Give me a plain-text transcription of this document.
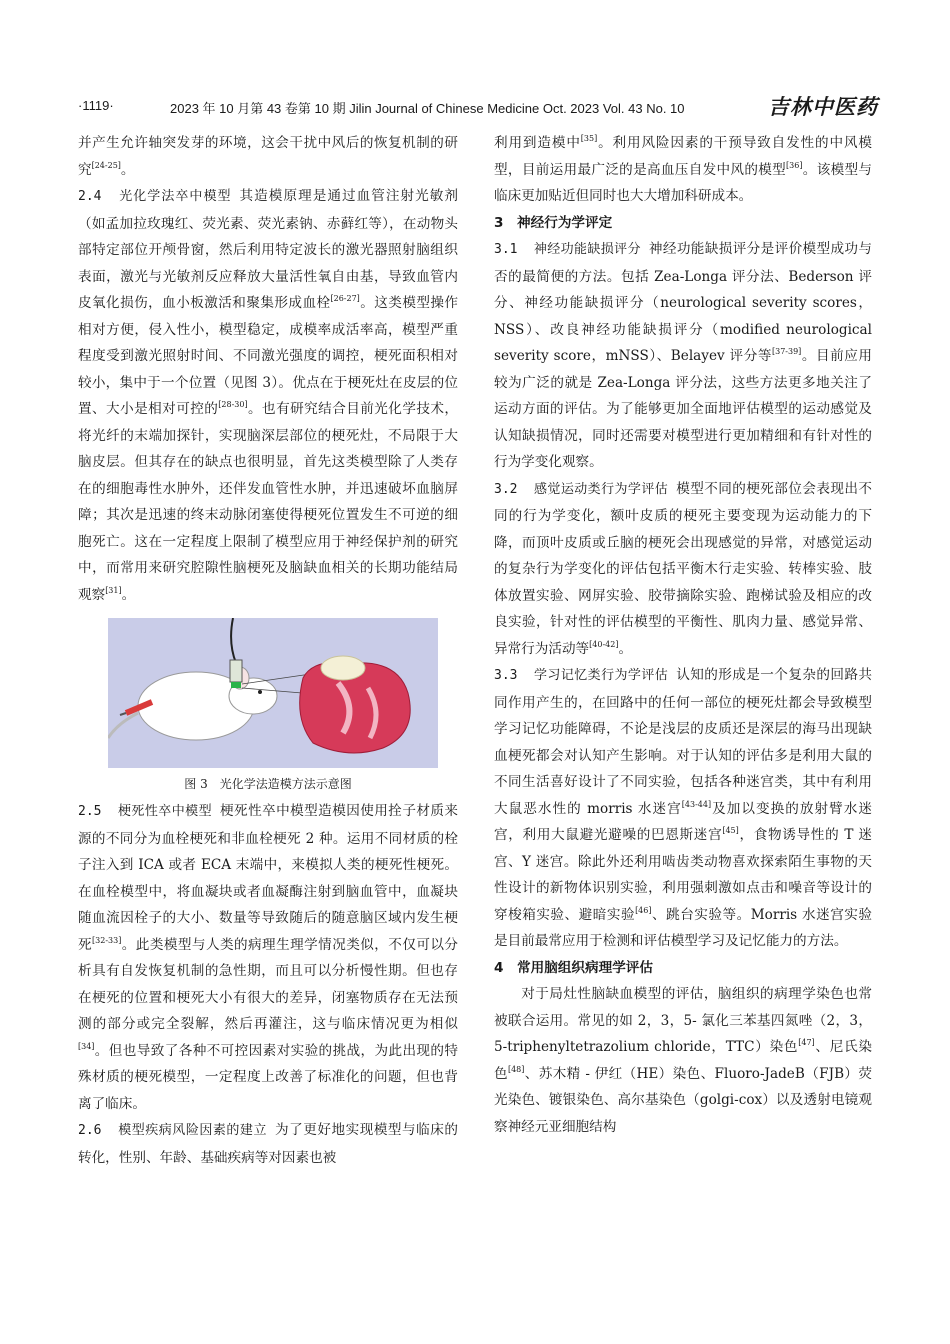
·1119·	2023 年 10 月第 43 卷第 10 期 Jilin Journal of Chinese Medicine Oct. 2023 Vol. 43 No. 10	吉林中医药

并产生允许轴突发芽的环境，这会干扰中风后的恢复机制的研究[24-25]。

2.4 光化学法卒中模型 其造模原理是通过血管注射光敏剂（如孟加拉玫瑰红、荧光素、荧光素钠、赤藓红等），在动物头部特定部位开颅骨窗，然后利用特定波长的激光器照射脑组织表面，激光与光敏剂反应释放大量活性氧自由基，导致血管内皮氧化损伤，血小板激活和聚集形成血栓[26-27]。这类模型操作相对方便，侵入性小，模型稳定，成模率成活率高，模型严重程度受到激光照射时间、不同激光强度的调控，梗死面积相对较小，集中于一个位置（见图 3）。优点在于梗死灶在皮层的位置、大小是相对可控的[28-30]。也有研究结合目前光化学技术，将光纤的末端加探针，实现脑深层部位的梗死灶，不局限于大脑皮层。但其存在的缺点也很明显，首先这类模型除了人类存在的细胞毒性水肿外，还伴发血管性水肿，并迅速破坏血脑屏障；其次是迅速的终末动脉闭塞使得梗死位置发生不可逆的细胞死亡。这在一定程度上限制了模型应用于神经保护剂的研究中，而常用来研究腔隙性脑梗死及脑缺血相关的长期功能结局观察[31]。

图 3　光化学法造模方法示意图

2.5 梗死性卒中模型 梗死性卒中模型造模因使用拴子材质来源的不同分为血栓梗死和非血栓梗死 2 种。运用不同材质的栓子注入到 ICA 或者 ECA 末端中，来模拟人类的梗死性梗死。在血栓模型中，将血凝块或者血凝酶注射到脑血管中，血凝块随血流因栓子的大小、数量等导致随后的随意脑区域内发生梗死[32-33]。此类模型与人类的病理生理学情况类似，不仅可以分析具有自发恢复机制的急性期，而且可以分析慢性期。但也存在梗死的位置和梗死大小有很大的差异，闭塞物质存在无法预测的部分或完全裂解，然后再灌注，这与临床情况更为相似[34]。但也导致了各种不可控因素对实验的挑战，为此出现的特殊材质的梗死模型，一定程度上改善了标准化的问题，但也背离了临床。

2.6 模型疾病风险因素的建立 为了更好地实现模型与临床的转化，性别、年龄、基础疾病等对因素也被

利用到造模中[35]。利用风险因素的干预导致自发性的中风模型，目前运用最广泛的是高血压自发中风的模型[36]。该模型与临床更加贴近但同时也大大增加科研成本。

3　神经行为学评定

3.1 神经功能缺损评分 神经功能缺损评分是评价模型成功与否的最简便的方法。包括 Zea-Longa 评分法、Bederson 评分、神经功能缺损评分（neurological severity scores，NSS）、改良神经功能缺损评分（modified neurological severity score，mNSS）、Belayev 评分等[37-39]。目前应用较为广泛的就是 Zea-Longa 评分法，这些方法更多地关注了运动方面的评估。为了能够更加全面地评估模型的运动感觉及认知缺损情况，同时还需要对模型进行更加精细和有针对性的行为学变化观察。

3.2 感觉运动类行为学评估 模型不同的梗死部位会表现出不同的行为学变化，额叶皮质的梗死主要变现为运动能力的下降，而顶叶皮质或丘脑的梗死会出现感觉的异常，对感觉运动的复杂行为学变化的评估包括平衡木行走实验、转棒实验、肢体放置实验、网屏实验、胶带摘除实验、跑梯试验及相应的改良实验，针对性的评估模型的平衡性、肌肉力量、感觉异常、异常行为活动等[40-42]。

3.3 学习记忆类行为学评估 认知的形成是一个复杂的回路共同作用产生的，在回路中的任何一部位的梗死灶都会导致模型学习记忆功能障碍，不论是浅层的皮质还是深层的海马出现缺血梗死都会对认知产生影响。对于认知的评估多是利用大鼠的不同生活喜好设计了不同实验，包括各种迷宫类，其中有利用大鼠恶水性的 morris 水迷宫[43-44]及加以变换的放射臂水迷宫，利用大鼠避光避噪的巴恩斯迷宫[45]，食物诱导性的 T 迷宫、Y 迷宫。除此外还利用啮齿类动物喜欢探索陌生事物的天性设计的新物体识别实验，利用强刺激如点击和噪音等设计的穿梭箱实验、避暗实验[46]、跳台实验等。Morris 水迷宫实验是目前最常应用于检测和评估模型学习及记忆能力的方法。

4　常用脑组织病理学评估

对于局灶性脑缺血模型的评估，脑组织的病理学染色也常被联合运用。常见的如 2，3，5- 氯化三苯基四氮唑（2，3，5-triphenyltetrazolium chloride，TTC）染色[47]、尼氏染色[48]、苏木精 - 伊红（HE）染色、Fluoro-JadeB（FJB）荧光染色、镀银染色、高尔基染色（golgi-cox）以及透射电镜观察神经元亚细胞结构
